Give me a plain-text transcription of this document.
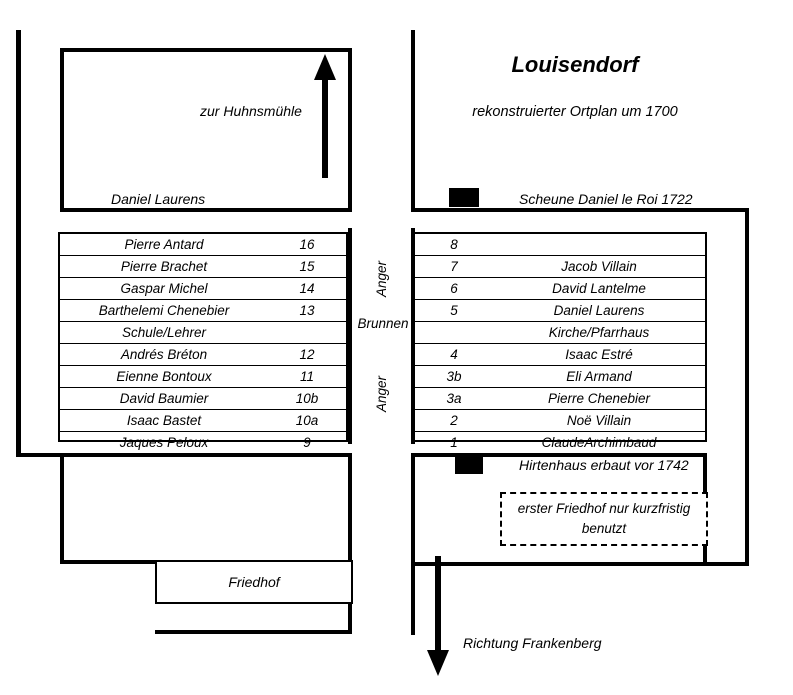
Louisendorf
rekonstruierter Ortplan um 1700
zur Huhnsmühle
Daniel Laurens	Scheune Daniel le Roi 1722
Hirtenhaus erbaut vor 1742
Richtung Frankenberg
erster Friedhof nur kurzfristig benutzt
Friedhof
Pierre Antard	16
Pierre Brachet	15
Gaspar Michel	14
Barthelemi Chenebier	13
Schule/Lehrer	
Andrés Bréton	12
Eienne Bontoux	11
David Baumier	10b
Isaac Bastet	10a
Jaques Peloux	9
8	
7	Jacob Villain
6	David Lantelme
5	Daniel Laurens
	Kirche/Pfarrhaus
4	Isaac Estré
3b	Eli Armand
3a	Pierre Chenebier
2	Noë Villain
1	ClaudeArchimbaud
Anger
Brunnen
Anger
